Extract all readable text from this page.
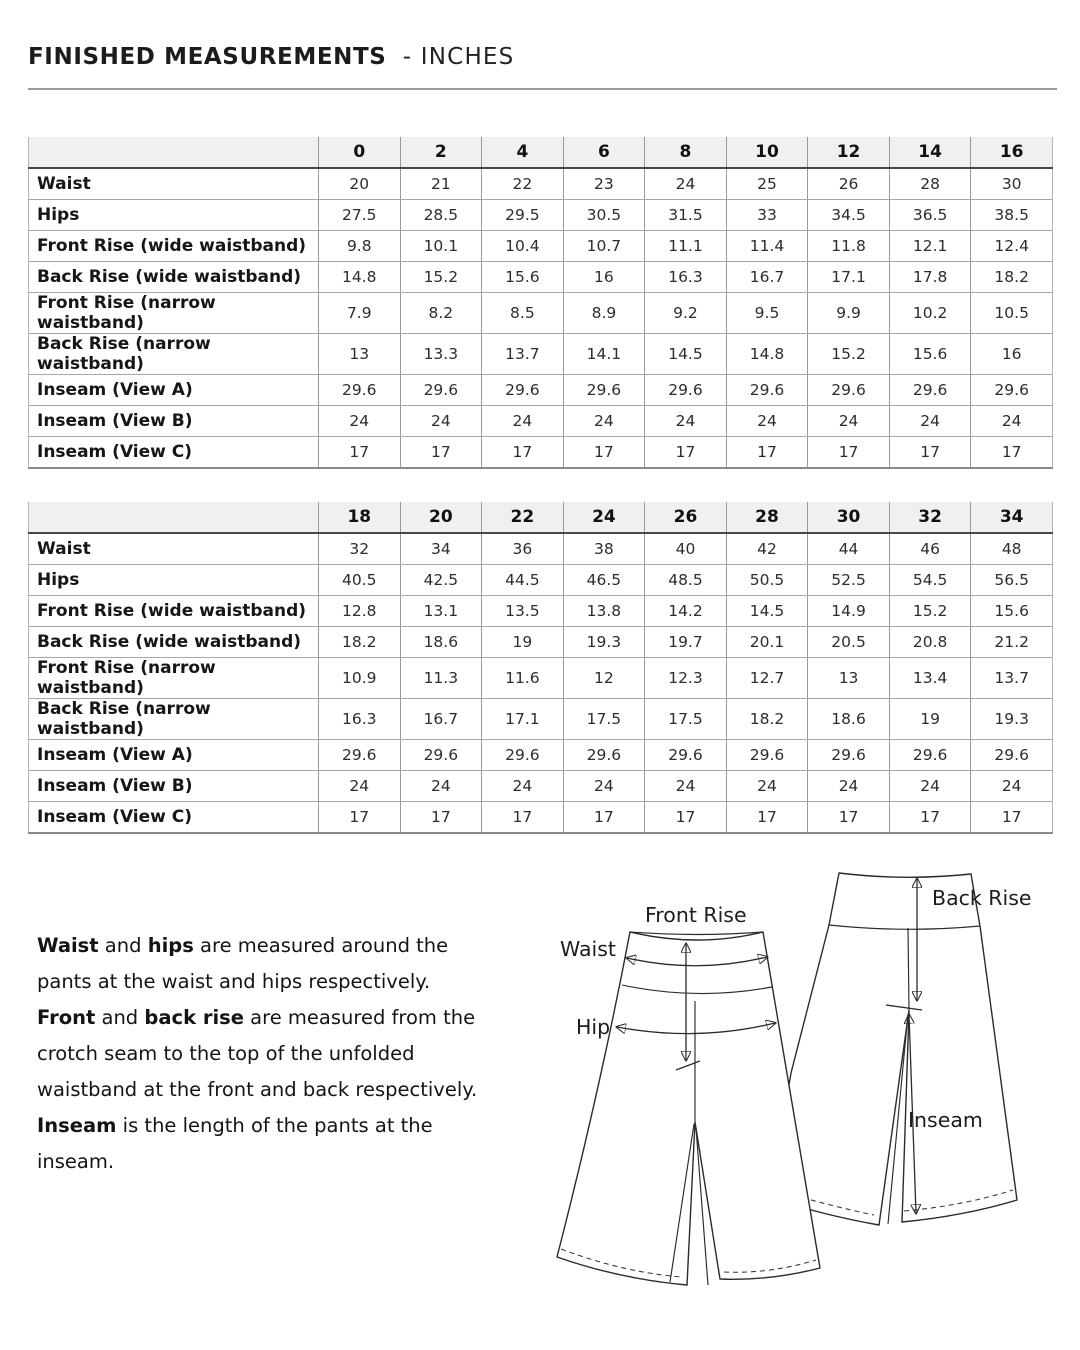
FINISHED MEASUREMENTS - INCHES
	0	2	4	6	8	10	12	14	16
Waist	20	21	22	23	24	25	26	28	30
Hips	27.5	28.5	29.5	30.5	31.5	33	34.5	36.5	38.5
Front Rise (wide waistband)	9.8	10.1	10.4	10.7	11.1	11.4	11.8	12.1	12.4
Back Rise (wide waistband)	14.8	15.2	15.6	16	16.3	16.7	17.1	17.8	18.2
Front Rise (narrow waistband)	7.9	8.2	8.5	8.9	9.2	9.5	9.9	10.2	10.5
Back Rise (narrow waistband)	13	13.3	13.7	14.1	14.5	14.8	15.2	15.6	16
Inseam (View A)	29.6	29.6	29.6	29.6	29.6	29.6	29.6	29.6	29.6
Inseam (View B)	24	24	24	24	24	24	24	24	24
Inseam (View C)	17	17	17	17	17	17	17	17	17
	18	20	22	24	26	28	30	32	34
Waist	32	34	36	38	40	42	44	46	48
Hips	40.5	42.5	44.5	46.5	48.5	50.5	52.5	54.5	56.5
Front Rise (wide waistband)	12.8	13.1	13.5	13.8	14.2	14.5	14.9	15.2	15.6
Back Rise (wide waistband)	18.2	18.6	19	19.3	19.7	20.1	20.5	20.8	21.2
Front Rise (narrow waistband)	10.9	11.3	11.6	12	12.3	12.7	13	13.4	13.7
Back Rise (narrow waistband)	16.3	16.7	17.1	17.5	17.5	18.2	18.6	19	19.3
Inseam (View A)	29.6	29.6	29.6	29.6	29.6	29.6	29.6	29.6	29.6
Inseam (View B)	24	24	24	24	24	24	24	24	24
Inseam (View C)	17	17	17	17	17	17	17	17	17

Waist and hips are measured around the pants at the waist and hips respectively. Front and back rise are measured from the crotch seam to the top of the unfolded waistband at the front and back respectively. Inseam is the length of the pants at the inseam.

Front Rise
Waist
Hip
Back Rise
Inseam
